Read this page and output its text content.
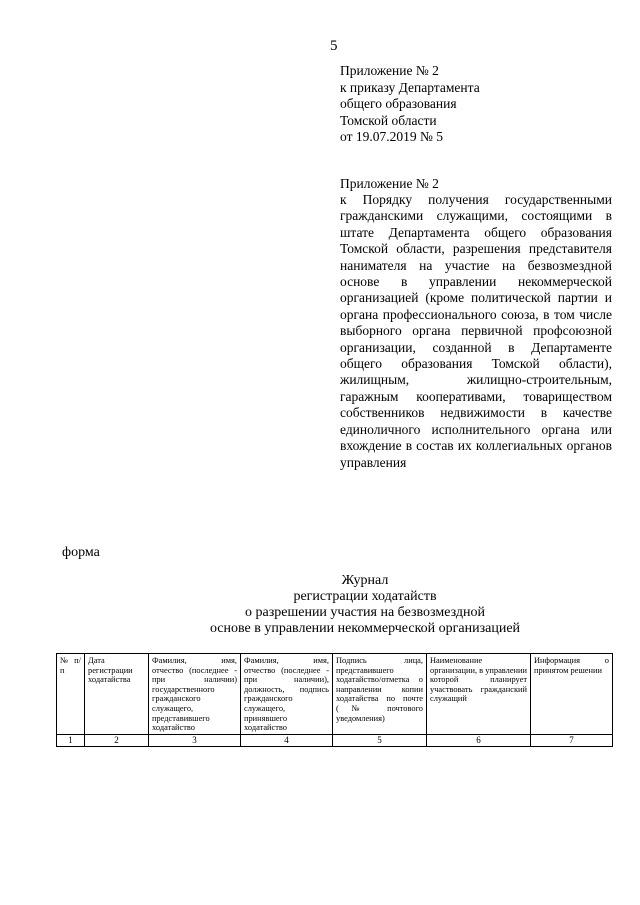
5
Приложение № 2
к приказу Департамента
общего образования
Томской области
от 19.07.2019 № 5
Приложение № 2
к Порядку получения государственными гражданскими служащими, состоящими в штате Департамента общего образования Томской области, разрешения представителя нанимателя на участие на безвозмездной основе в управлении некоммерческой организацией (кроме политической партии и органа профессионального союза, в том числе выборного органа первичной профсоюзной организации, созданной в Департаменте общего образования Томской области), жилищным, жилищно-строительным, гаражным кооперативами, товариществом собственников недвижимости в качестве единоличного исполнительного органа или вхождение в состав их коллегиальных органов управления
форма
Журнал
регистрации ходатайств
о разрешении участия на безвозмездной
основе в управлении некоммерческой организацией
№ п/п	Дата регистрации ходатайства	Фамилия, имя, отчество (последнее - при наличии) государственного гражданского служащего, представившего ходатайство	Фамилия, имя, отчество (последнее - при наличии), должность, подпись гражданского служащего, принявшего ходатайство	Подпись лица, представившего ходатайство/отметка о направлении копии ходатайства по почте (№ почтового уведомления)	Наименование организации, в управлении которой планирует участвовать гражданский служащий	Информация о принятом решении
1	2	3	4	5	6	7
